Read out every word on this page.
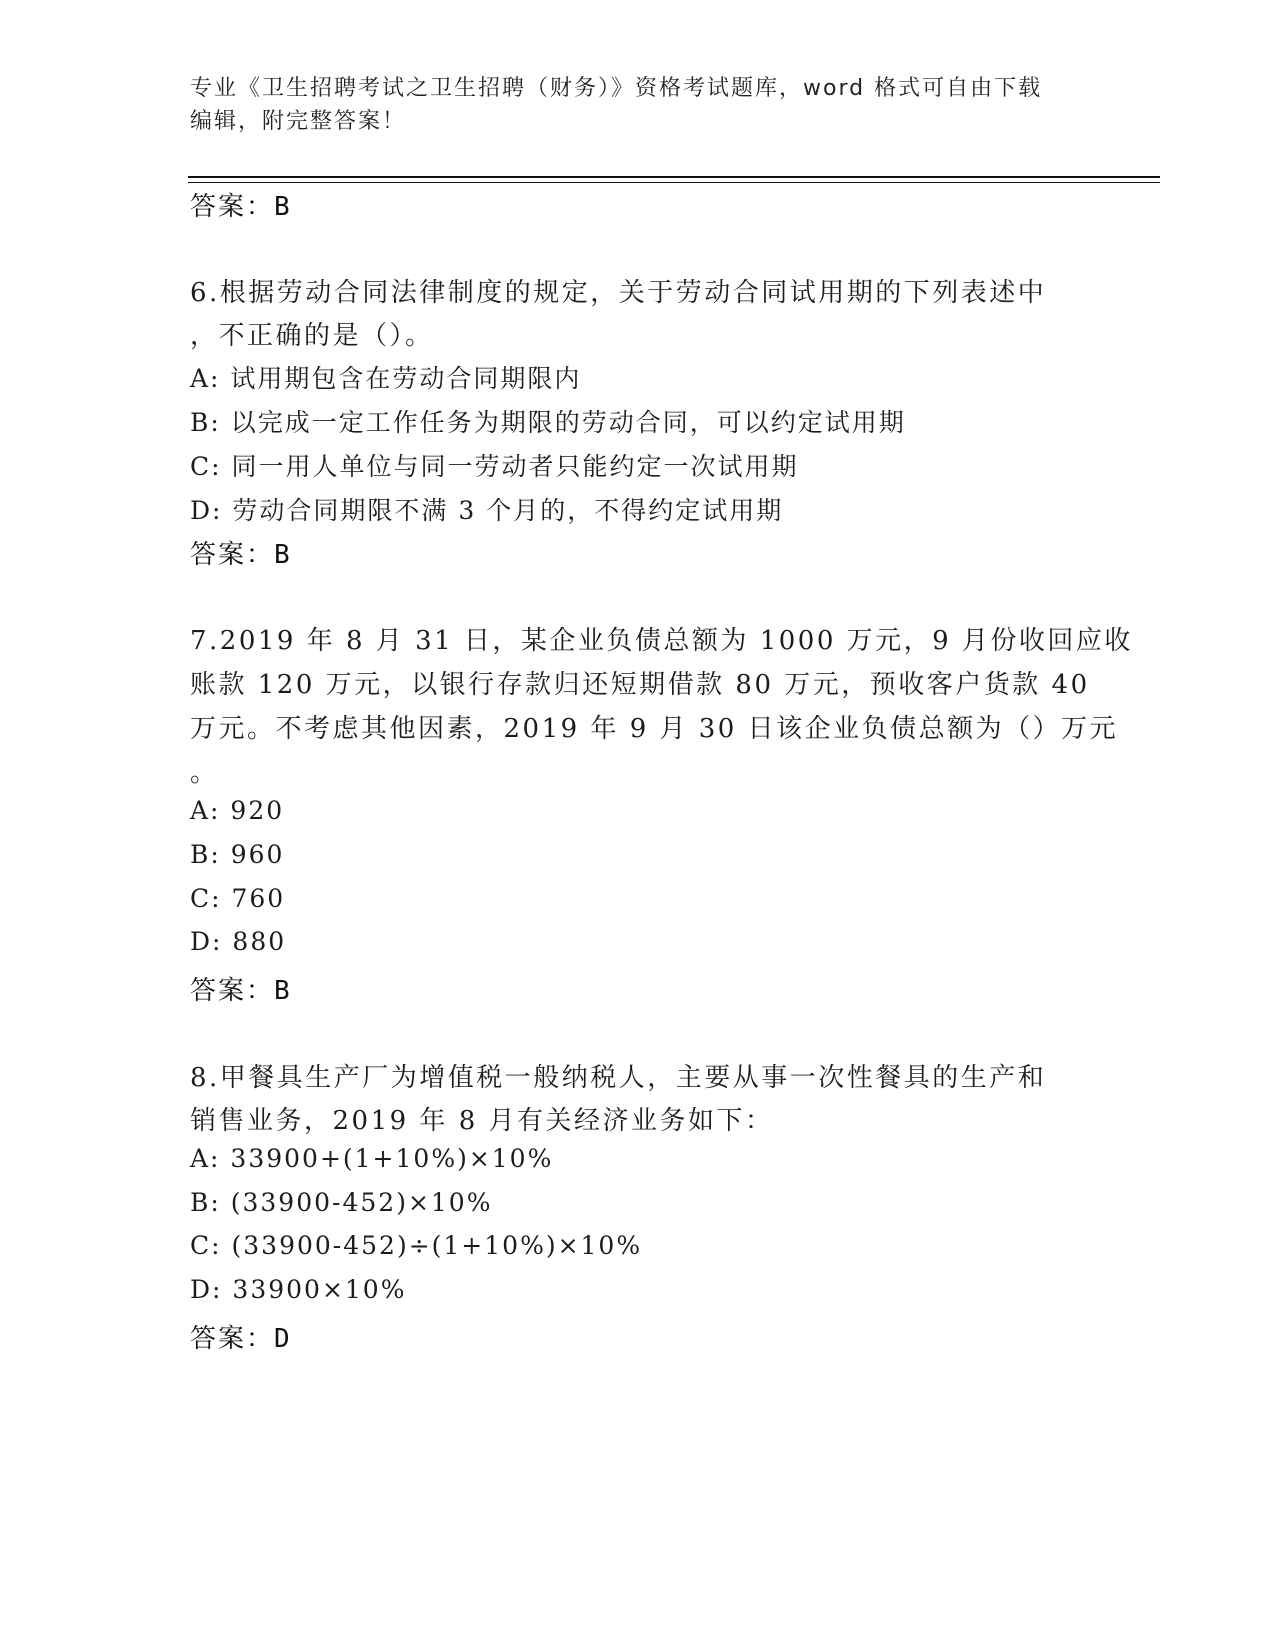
专业《卫生招聘考试之卫生招聘（财务）》资格考试题库，word 格式可自由下载
编辑，附完整答案！
答案：B
6.根据劳动合同法律制度的规定，关于劳动合同试用期的下列表述中
，不正确的是（）。
A: 试用期包含在劳动合同期限内
B: 以完成一定工作任务为期限的劳动合同，可以约定试用期
C: 同一用人单位与同一劳动者只能约定一次试用期
D: 劳动合同期限不满 3 个月的，不得约定试用期
答案：B
7.2019 年 8 月 31 日，某企业负债总额为 1000 万元，9 月份收回应收
账款 120 万元，以银行存款归还短期借款 80 万元，预收客户货款 40
万元。不考虑其他因素，2019 年 9 月 30 日该企业负债总额为（）万元
。
A: 920
B: 960
C: 760
D: 880
答案：B
8.甲餐具生产厂为增值税一般纳税人，主要从事一次性餐具的生产和
销售业务，2019 年 8 月有关经济业务如下：
A: 33900+(1+10%)×10%
B: (33900-452)×10%
C: (33900-452)÷(1+10%)×10%
D: 33900×10%
答案：D
